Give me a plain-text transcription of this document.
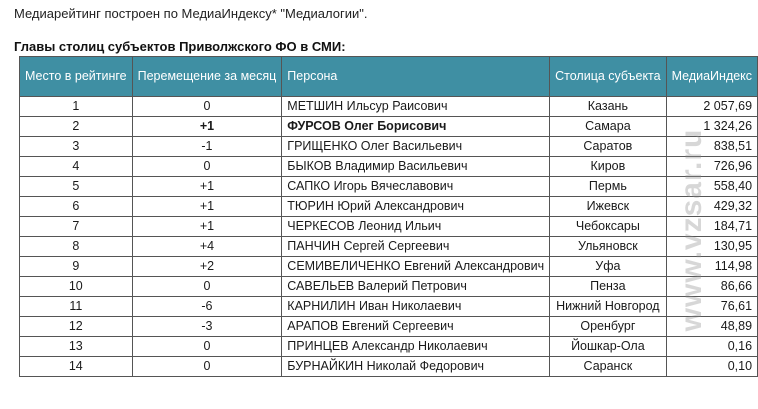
Медиарейтинг построен по МедиаИндексу* "Медиалогии".
Главы столиц субъектов Приволжского ФО в СМИ:
Место в рейтинге	Перемещение за месяц	Персона	Столица субъекта	МедиаИндекс
1	0	МЕТШИН Ильсур Раисович	Казань	2 057,69
2	+1	ФУРСОВ Олег Борисович	Самара	1 324,26
3	-1	ГРИЩЕНКО Олег Васильевич	Саратов	838,51
4	0	БЫКОВ Владимир Васильевич	Киров	726,96
5	+1	САПКО Игорь Вячеславович	Пермь	558,40
6	+1	ТЮРИН Юрий Александрович	Ижевск	429,32
7	+1	ЧЕРКЕСОВ Леонид Ильич	Чебоксары	184,71
8	+4	ПАНЧИН Сергей Сергеевич	Ульяновск	130,95
9	+2	СЕМИВЕЛИЧЕНКО Евгений Александрович	Уфа	114,98
10	0	САВЕЛЬЕВ Валерий Петрович	Пенза	86,66
11	-6	КАРНИЛИН Иван Николаевич	Нижний Новгород	76,61
12	-3	АРАПОВ Евгений Сергеевич	Оренбург	48,89
13	0	ПРИНЦЕВ Александр Николаевич	Йошкар-Ола	0,16
14	0	БУРНАЙКИН Николай Федорович	Саранск	0,10
www.vzsar.ru
